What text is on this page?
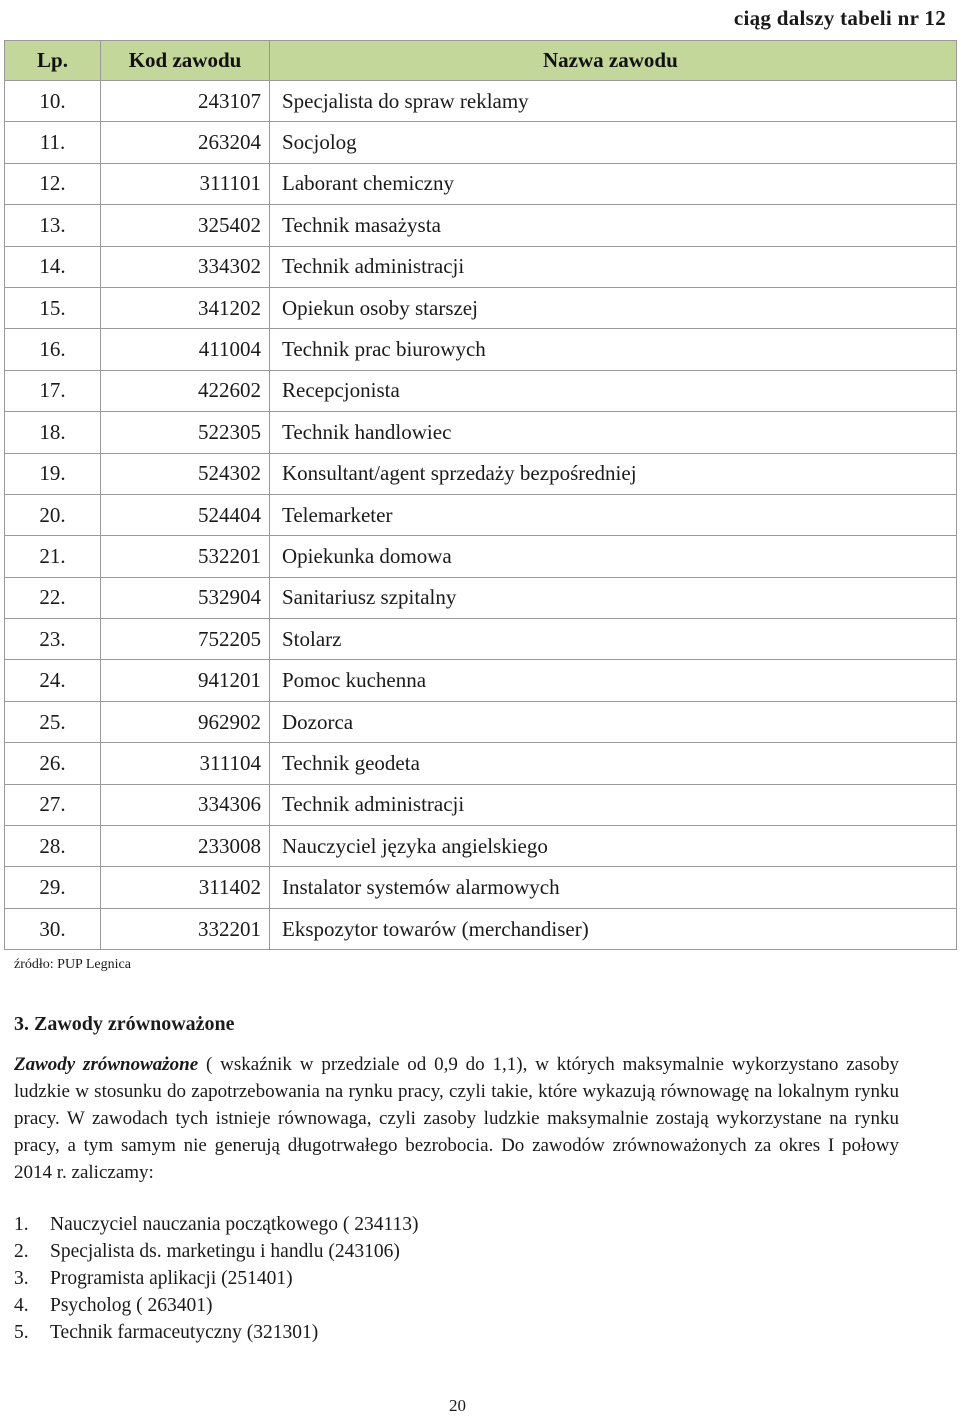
ciąg dalszy tabeli nr 12
Lp.	Kod zawodu	Nazwa zawodu
10.	243107	Specjalista do spraw reklamy
11.	263204	Socjolog
12.	311101	Laborant chemiczny
13.	325402	Technik masażysta
14.	334302	Technik administracji
15.	341202	Opiekun osoby starszej
16.	411004	Technik prac biurowych
17.	422602	Recepcjonista
18.	522305	Technik handlowiec
19.	524302	Konsultant/agent sprzedaży bezpośredniej
20.	524404	Telemarketer
21.	532201	Opiekunka domowa
22.	532904	Sanitariusz szpitalny
23.	752205	Stolarz
24.	941201	Pomoc kuchenna
25.	962902	Dozorca
26.	311104	Technik geodeta
27.	334306	Technik administracji
28.	233008	Nauczyciel języka angielskiego
29.	311402	Instalator systemów alarmowych
30.	332201	Ekspozytor towarów (merchandiser)
źródło: PUP Legnica
3. Zawody zrównoważone
Zawody zrównoważone ( wskaźnik w przedziale od 0,9 do 1,1), w których maksymalnie wykorzystano zasoby ludzkie w stosunku do zapotrzebowania na rynku pracy, czyli takie, które wykazują równowagę na lokalnym rynku pracy. W zawodach tych istnieje równowaga, czyli zasoby ludzkie maksymalnie zostają wykorzystane na rynku pracy, a tym samym nie generują długotrwałego bezrobocia. Do zawodów zrównoważonych za okres I połowy 2014 r. zaliczamy:
1. Nauczyciel nauczania początkowego ( 234113)
2. Specjalista ds. marketingu i handlu (243106)
3. Programista aplikacji (251401)
4. Psycholog ( 263401)
5. Technik farmaceutyczny (321301)
20
